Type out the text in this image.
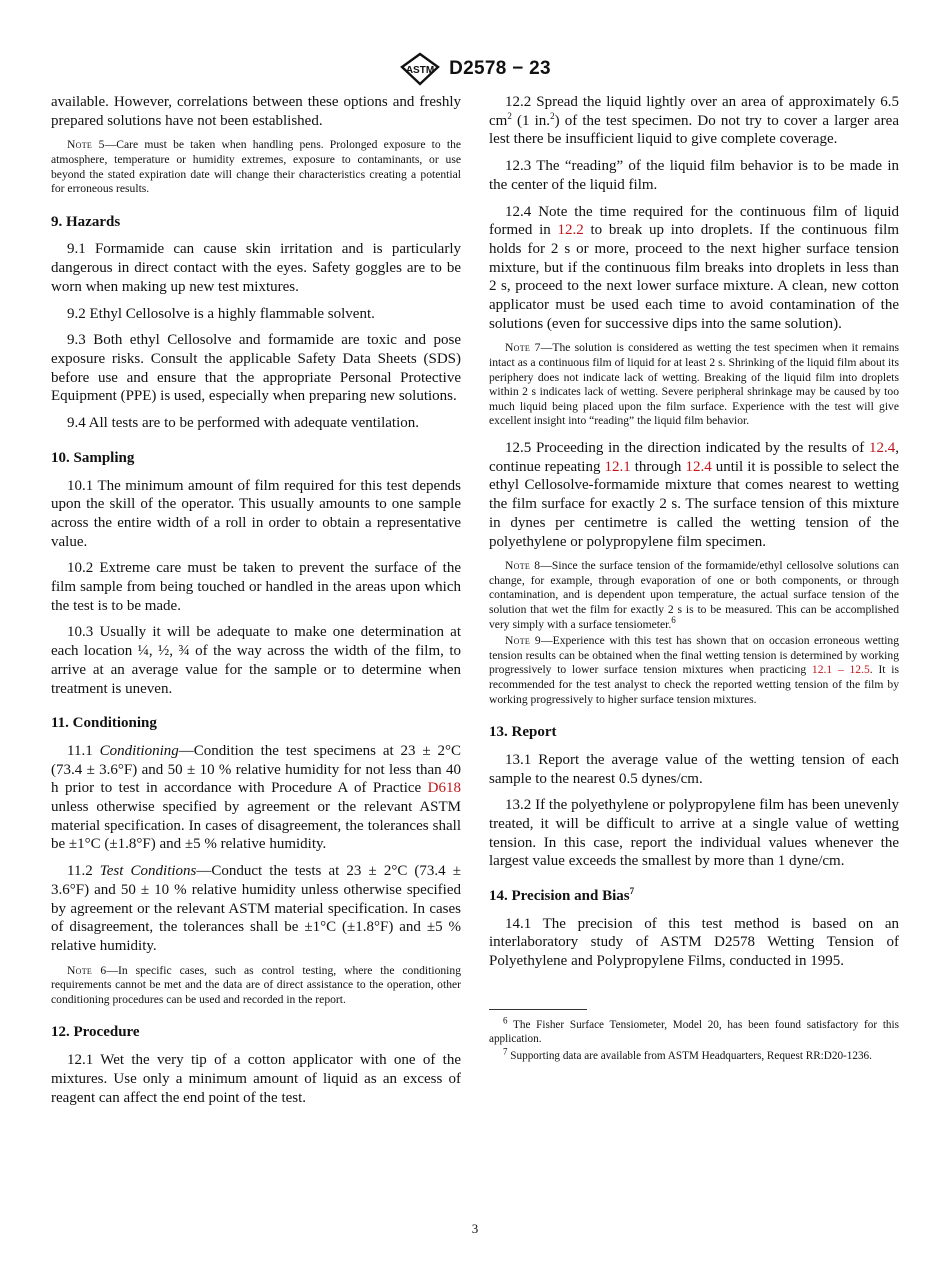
ASTM D2578 − 23

available. However, correlations between these options and freshly prepared solutions have not been established.

Note 5—Care must be taken when handling pens. Prolonged exposure to the atmosphere, temperature or humidity extremes, exposure to contaminants, or use beyond the stated expiration date will change their characteristics creating a potential for erroneous results.

9. Hazards

9.1 Formamide can cause skin irritation and is particularly dangerous in direct contact with the eyes. Safety goggles are to be worn when making up new test mixtures.

9.2 Ethyl Cellosolve is a highly flammable solvent.

9.3 Both ethyl Cellosolve and formamide are toxic and pose exposure risks. Consult the applicable Safety Data Sheets (SDS) before use and ensure that the appropriate Personal Protective Equipment (PPE) is used, especially when preparing new solutions.

9.4 All tests are to be performed with adequate ventilation.

10. Sampling

10.1 The minimum amount of film required for this test depends upon the skill of the operator. This usually amounts to one sample across the entire width of a roll in order to obtain a representative value.

10.2 Extreme care must be taken to prevent the surface of the film sample from being touched or handled in the areas upon which the test is to be made.

10.3 Usually it will be adequate to make one determination at each location ¼, ½, ¾ of the way across the width of the film, to arrive at an average value for the sample or to determine when treatment is uneven.

11. Conditioning

11.1 Conditioning—Condition the test specimens at 23 ± 2°C (73.4 ± 3.6°F) and 50 ± 10 % relative humidity for not less than 40 h prior to test in accordance with Procedure A of Practice D618 unless otherwise specified by agreement or the relevant ASTM material specification. In cases of disagreement, the tolerances shall be ±1°C (±1.8°F) and ±5 % relative humidity.

11.2 Test Conditions—Conduct the tests at 23 ± 2°C (73.4 ± 3.6°F) and 50 ± 10 % relative humidity unless otherwise specified by agreement or the relevant ASTM material specification. In cases of disagreement, the tolerances shall be ±1°C (±1.8°F) and ±5 % relative humidity.

Note 6—In specific cases, such as control testing, where the conditioning requirements cannot be met and the data are of direct assistance to the operation, other conditioning procedures can be used and recorded in the report.

12. Procedure

12.1 Wet the very tip of a cotton applicator with one of the mixtures. Use only a minimum amount of liquid as an excess of reagent can affect the end point of the test.

12.2 Spread the liquid lightly over an area of approximately 6.5 $cm^2$ (1 in.$^2$) of the test specimen. Do not try to cover a larger area lest there be insufficient liquid to give complete coverage.

12.3 The “reading” of the liquid film behavior is to be made in the center of the liquid film.

12.4 Note the time required for the continuous film of liquid formed in 12.2 to break up into droplets. If the continuous film holds for 2 s or more, proceed to the next higher surface tension mixture, but if the continuous film breaks into droplets in less than 2 s, proceed to the next lower surface mixture. A clean, new cotton applicator must be used each time to avoid contamination of the solutions (even for successive dips into the same solution).

Note 7—The solution is considered as wetting the test specimen when it remains intact as a continuous film of liquid for at least 2 s. Shrinking of the liquid film about its periphery does not indicate lack of wetting. Breaking of the liquid film into droplets within 2 s indicates lack of wetting. Severe peripheral shrinkage may be caused by too much liquid being placed upon the film surface. Experience with the test will give excellent insight into “reading” the liquid film behavior.

12.5 Proceeding in the direction indicated by the results of 12.4, continue repeating 12.1 through 12.4 until it is possible to select the ethyl Cellosolve-formamide mixture that comes nearest to wetting the film surface for exactly 2 s. The surface tension of this mixture in dynes per centimetre is called the wetting tension of the polyethylene or polypropylene film specimen.

Note 8—Since the surface tension of the formamide/ethyl cellosolve solutions can change, for example, through evaporation of one or both components, or through contamination, and is dependent upon temperature, the actual surface tension of the solution that wet the film for exactly 2 s is to be measured. This can be accomplished very simply with a surface tensiometer.$^6$

Note 9—Experience with this test has shown that on occasion erroneous wetting tension results can be obtained when the final wetting tension is determined by working progressively to lower surface tension mixtures when practicing 12.1 – 12.5. It is recommended for the test analyst to check the reported wetting tension of the film by working progressively to higher surface tension mixtures.

13. Report

13.1 Report the average value of the wetting tension of each sample to the nearest 0.5 dynes/cm.

13.2 If the polyethylene or polypropylene film has been unevenly treated, it will be difficult to arrive at a single value of wetting tension. In this case, report the individual values whenever the largest value exceeds the smallest by more than 1 dyne/cm.

14. Precision and Bias$^7$

14.1 The precision of this test method is based on an interlaboratory study of ASTM D2578 Wetting Tension of Polyethylene and Polypropylene Films, conducted in 1995.

$^6$ The Fisher Surface Tensiometer, Model 20, has been found satisfactory for this application.

$^7$ Supporting data are available from ASTM Headquarters, Request RR:D20-1236.

3
